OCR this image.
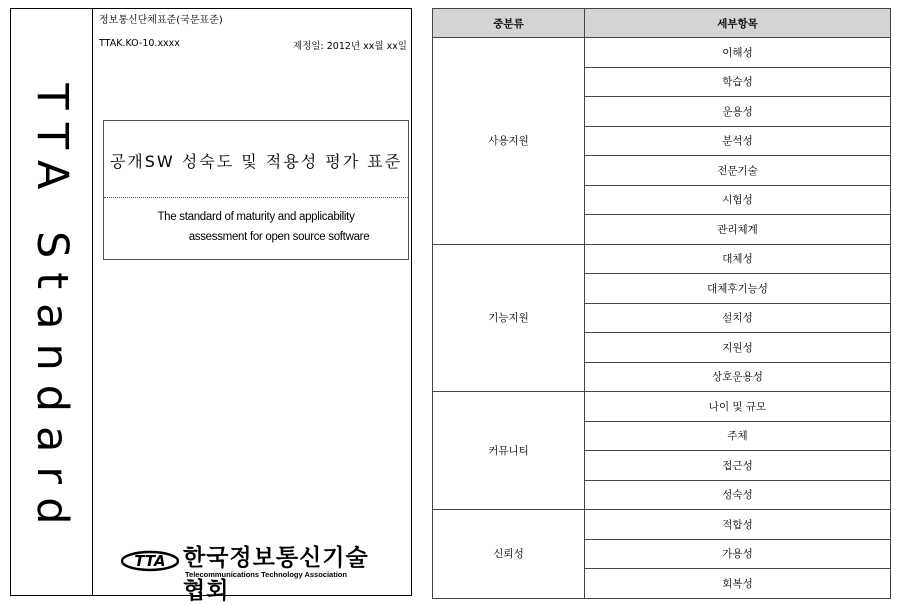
TTA Standard
정보통신단체표준(국문표준)
TTAK.KO-10.xxxx	제정일: 2012년 xx월 xx일
공개SW 성숙도 및 적용성 평가 표준
The standard of maturity and applicability
assessment for open source software
TTA 한국정보통신기술협회
Telecommunications Technology Association
중분류	세부항목
사용지원	이해성
	학습성
	운용성
	분석성
	전문기술
	시험성
	관리체계
기능지원	대체성
	대체후기능성
	설치성
	지원성
	상호운용성
커뮤니티	나이 및 규모
	주체
	접근성
	성숙성
신뢰성	적합성
	가용성
	회복성
